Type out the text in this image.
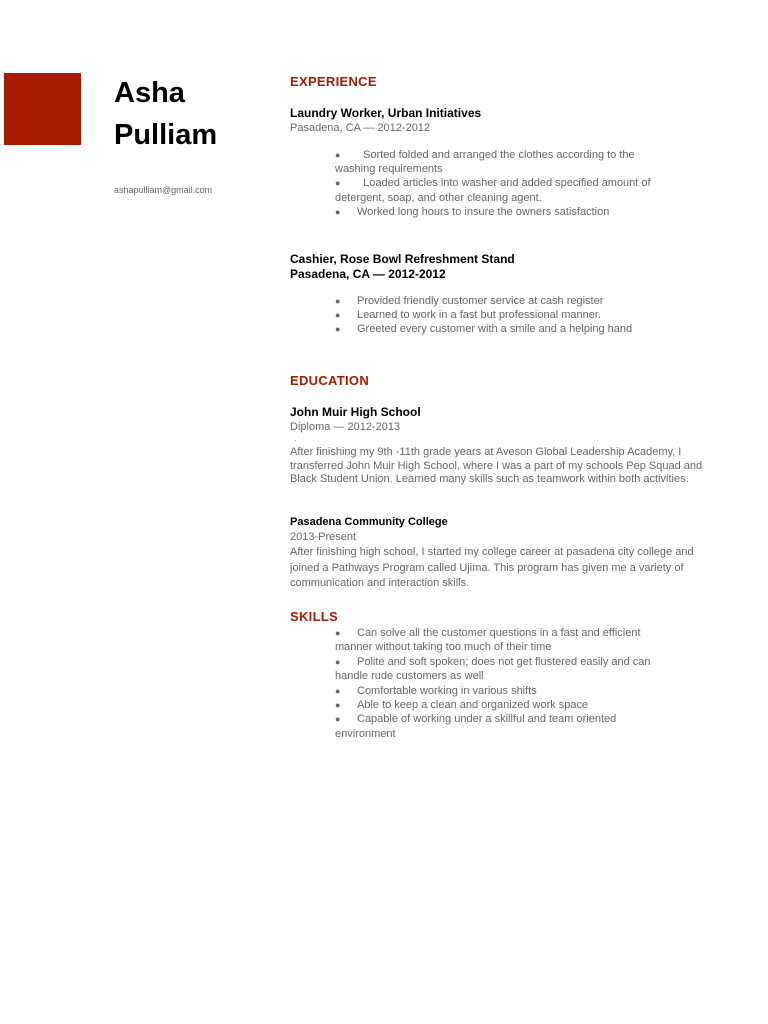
Asha
Pulliam
ashapulliam@gmail.com
EXPERIENCE
Laundry Worker, Urban Initiatives
Pasadena, CA — 2012-2012
● Sorted folded and arranged the clothes according to the
washing requirements
● Loaded articles into washer and added specified amount of
detergent, soap, and other cleaning agent.
● Worked long hours to insure the owners satisfaction
Cashier, Rose Bowl Refreshment Stand
Pasadena, CA — 2012-2012
● Provided friendly customer service at cash register
● Learned to work in a fast but professional manner.
● Greeted every customer with a smile and a helping hand
EDUCATION
John Muir High School
Diploma — 2012-2013
.

After finishing my 9th -11th grade years at Aveson Global Leadership Academy, I transferred John Muir High School, where I was a part of my schools Pep Squad and Black Student Union. Learned many skills such as teamwork within both activities.

Pasadena Community College
2013-Present

After finishing high school, I started my college career at pasadena city college and joined a Pathways Program called Ujima. This program has given me a variety of communication and interaction skills.

SKILLS
● Can solve all the customer questions in a fast and efficient
manner without taking too much of their time
● Polite and soft spoken; does not get flustered easily and can
handle rude customers as well
● Comfortable working in various shifts
● Able to keep a clean and organized work space
● Capable of working under a skillful and team oriented
environment
